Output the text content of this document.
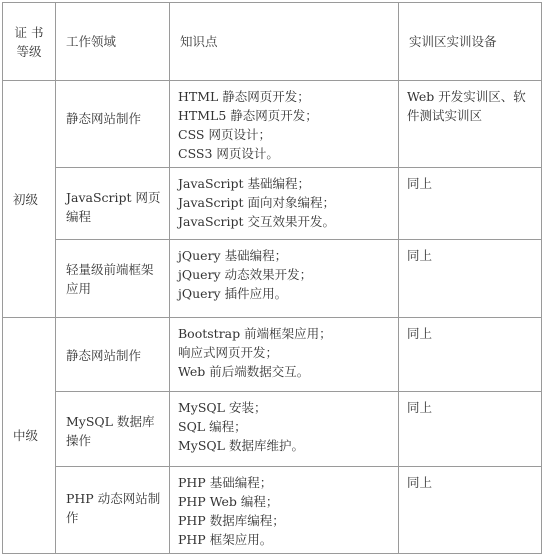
证 书
等级	工作领域	知识点	实训区实训设备
初级	静态网站制作	HTML 静态网页开发；
HTML5 静态网页开发；
CSS 网页设计；
CSS3 网页设计。	Web 开发实训区、软件测试实训区
	JavaScript 网页编程	JavaScript 基础编程；
JavaScript 面向对象编程；
JavaScript 交互效果开发。	同上
	轻量级前端框架应用	jQuery 基础编程；
jQuery 动态效果开发；
jQuery 插件应用。	同上
中级	静态网站制作	Bootstrap 前端框架应用；
响应式网页开发；
Web 前后端数据交互。	同上
	MySQL 数据库操作	MySQL 安装；
SQL 编程；
MySQL 数据库维护。	同上
	PHP 动态网站制作	PHP 基础编程；
PHP Web 编程；
PHP 数据库编程；
PHP 框架应用。	同上
